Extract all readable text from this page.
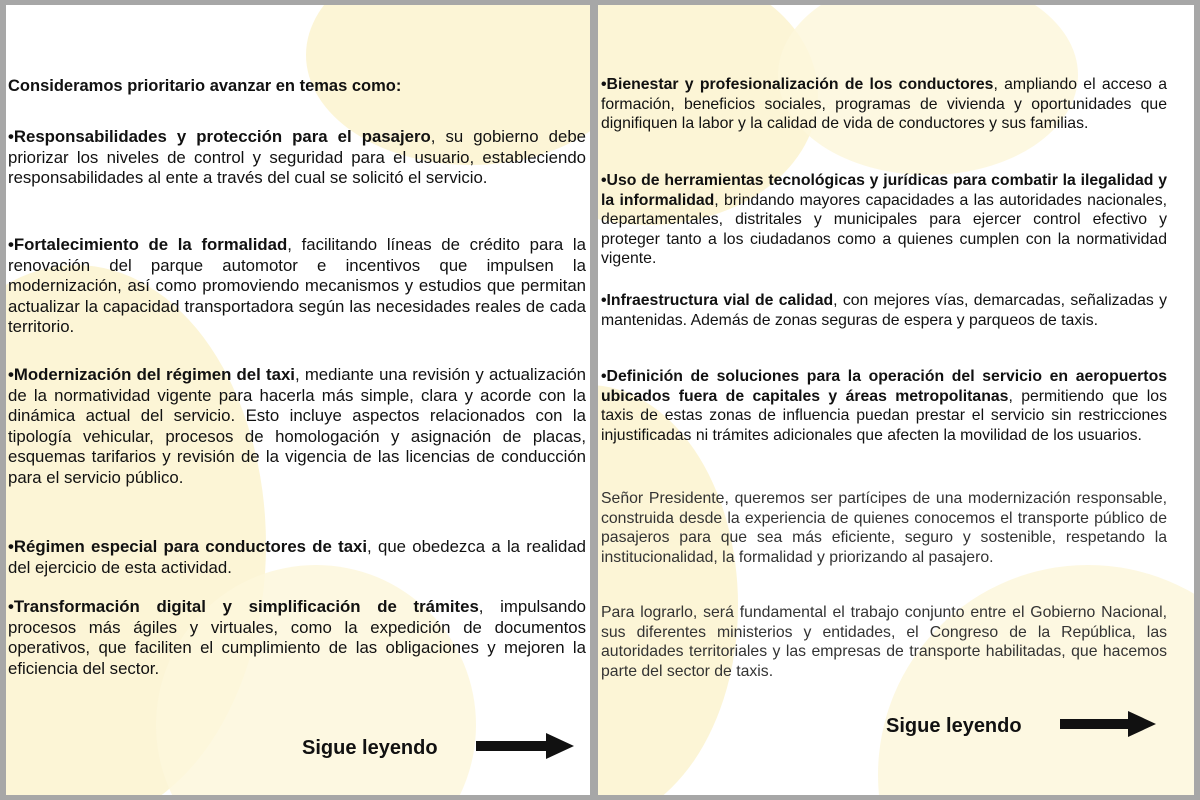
Consideramos prioritario avanzar en temas como:
•Responsabilidades y protección para el pasajero, su gobierno debe priorizar los niveles de control y seguridad para el usuario, estableciendo responsabilidades al ente a través del cual se solicitó el servicio.
•Fortalecimiento de la formalidad, facilitando líneas de crédito para la renovación del parque automotor e incentivos que impulsen la modernización, así como promoviendo mecanismos y estudios que permitan actualizar la capacidad transportadora según las necesidades reales de cada territorio.
•Modernización del régimen del taxi, mediante una revisión y actualización de la normatividad vigente para hacerla más simple, clara y acorde con la dinámica actual del servicio. Esto incluye aspectos relacionados con la tipología vehicular, procesos de homologación y asignación de placas, esquemas tarifarios y revisión de la vigencia de las licencias de conducción para el servicio público.
•Régimen especial para conductores de taxi, que obedezca a la realidad del ejercicio de esta actividad.
•Transformación digital y simplificación de trámites, impulsando procesos más ágiles y virtuales, como la expedición de documentos operativos, que faciliten el cumplimiento de las obligaciones y mejoren la eficiencia del sector.
Sigue leyendo
•Bienestar y profesionalización de los conductores, ampliando el acceso a formación, beneficios sociales, programas de vivienda y oportunidades que dignifiquen la labor y la calidad de vida de conductores y sus familias.
•Uso de herramientas tecnológicas y jurídicas para combatir la ilegalidad y la informalidad, brindando mayores capacidades a las autoridades nacionales, departamentales, distritales y municipales para ejercer control efectivo y proteger tanto a los ciudadanos como a quienes cumplen con la normatividad vigente.
•Infraestructura vial de calidad, con mejores vías, demarcadas, señalizadas y mantenidas. Además de zonas seguras de espera y parqueos de taxis.
•Definición de soluciones para la operación del servicio en aeropuertos ubicados fuera de capitales y áreas metropolitanas, permitiendo que los taxis de estas zonas de influencia puedan prestar el servicio sin restricciones injustificadas ni trámites adicionales que afecten la movilidad de los usuarios.
Señor Presidente, queremos ser partícipes de una modernización responsable, construida desde la experiencia de quienes conocemos el transporte público de pasajeros para que sea más eficiente, seguro y sostenible, respetando la institucionalidad, la formalidad y priorizando al pasajero.
Para lograrlo, será fundamental el trabajo conjunto entre el Gobierno Nacional, sus diferentes ministerios y entidades, el Congreso de la República, las autoridades territoriales y las empresas de transporte habilitadas, que hacemos parte del sector de taxis.
Sigue leyendo
